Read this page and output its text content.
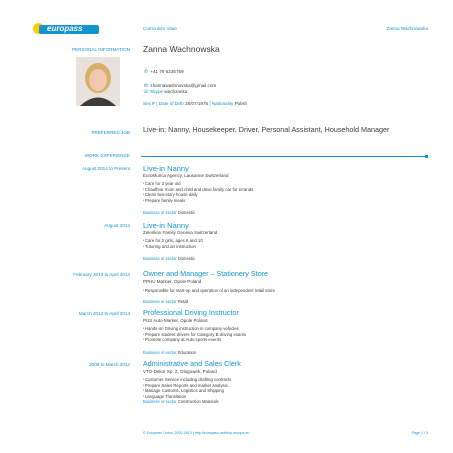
europass	Curriculum Vitae	Zanna Wachnowska
PERSONAL INFORMATION Zanna Wachnowska
✆ +41 79 5235759
✉ zhannawashnovska@gmail.com
☏ Skype wachzanka
Sex F | Date of birth 25/07/1975 | Nationality Polish
PREFERRED JOB Live-in: Nanny, Housekeeper, Driver, Personal Assistant, Household Manager
WORK EXPERIENCE
August 2014 to Present Live-in Nanny
EuroMunca Agency, Lausanne Switzerland
▪ Care for 3 year old
▪ Chauffeur mom and child and drive family car for errands
▪ Clean two-story house daily
▪ Prepare family meals
Business or sector Domestic
August 2013 Live-in Nanny
Zelenkov Family Geneva Switzerland
▪ Care for 2 girls, ages 6 and 10
▪ Tutoring and art instruction
Business or sector Domestic
February 2013 to April 2014 Owner and Manager – Stationery Store
PPHU Markier, Opole Poland
▪ Responsible for start-up and operation of an independent retail store
Business or sector Retail
March 2012 to April 2014 Professional Driving Instructor
PUS Auto-Marker, Opole Poland
▪ Hands-on Driving instruction in company vehicles
▪ Prepare student drivers for Category B driving exams
▪ Promote company at Auto sports events
Business or sector Education
2008 to March 2012 Administrative and Sales Clerk
VTO-Dekor Sp. Z, Glogowek, Poland
▪ Customer Service including drafting contracts
▪ Prepare Sales Reports and market analysis
▪ Manage Customs, Logistics and Shipping
▪ Language Translation
Business or sector Construction Materials
© European Union, 2002-2013 | http://europass.cedefop.europa.eu	Page 1 / 3
